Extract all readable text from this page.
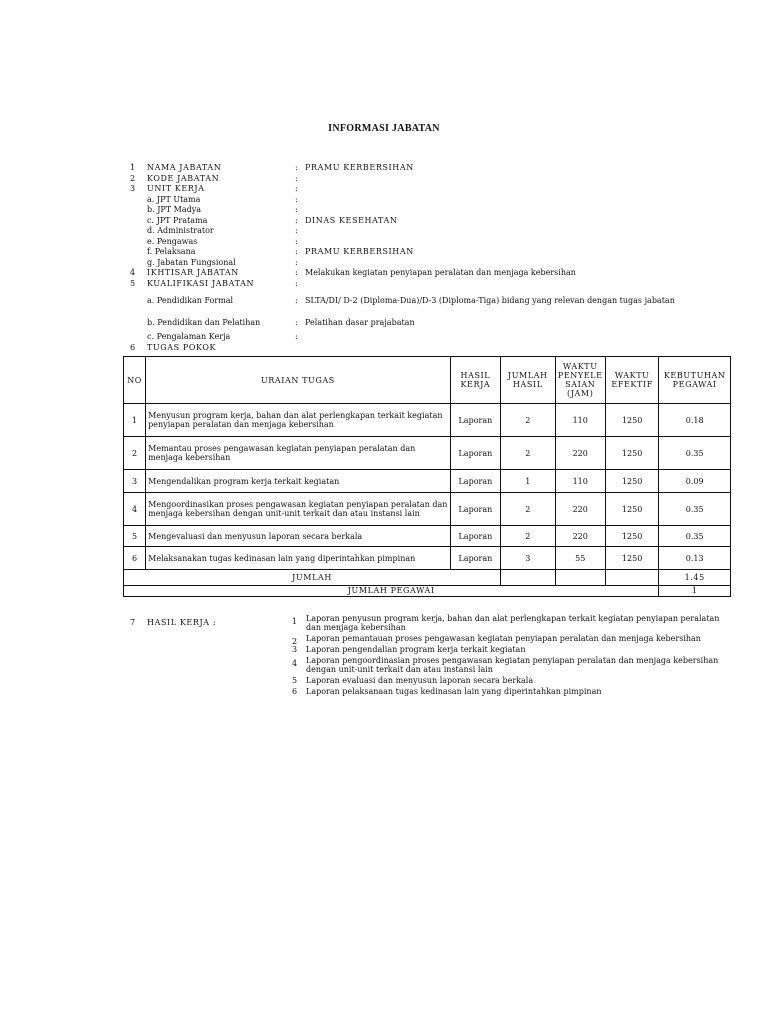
INFORMASI JABATAN
1	NAMA JABATAN	: PRAMU KERBERSIHAN
2	KODE JABATAN	:
3	UNIT KERJA	:
a. JPT Utama	:
b. JPT Madya	:
c. JPT Pratama	: DINAS KESEHATAN
d. Administrator	:
e. Pengawas	:
f. Pelaksana	: PRAMU KERBERSIHAN
g. Jabatan Fungsional	:
4	IKHTISAR JABATAN	: Melakukan kegiatan penyiapan peralatan dan menjaga kebersihan
5	KUALIFIKASI JABATAN	:
a. Pendidikan Formal	: SLTA/DI/ D-2 (Diploma-Dua)/D-3 (Diploma-Tiga) bidang yang relevan dengan tugas jabatan
b. Pendidikan dan Pelatihan	: Pelatihan dasar prajabatan
c. Pengalaman Kerja	:
6	TUGAS POKOK
NO	URAIAN TUGAS	HASIL KERJA	JUMLAH HASIL	WAKTU PENYELE SAIAN (JAM)	WAKTU EFEKTIF	KEBUTUHAN PEGAWAI
1	Menyusun program kerja, bahan dan alat perlengkapan terkait kegiatan penyiapan peralatan dan menjaga kebersihan	Laporan	2	110	1250	0.18
2	Memantau proses pengawasan kegiatan penyiapan peralatan dan menjaga kebersihan	Laporan	2	220	1250	0.35
3	Mengendalikan program kerja terkait kegiatan	Laporan	1	110	1250	0.09
4	Mengoordinasikan proses pengawasan kegiatan penyiapan peralatan dan menjaga kebersihan dengan unit-unit terkait dan atau instansi lain	Laporan	2	220	1250	0.35
5	Mengevaluasi dan menyusun laporan secara berkala	Laporan	2	220	1250	0.35
6	Melaksanakan tugas kedinasan lain yang diperintahkan pimpinan	Laporan	3	55	1250	0.13
JUMLAH						1.45
JUMLAH PEGAWAI						1
7 HASIL KERJA :	1	Laporan penyusun program kerja, bahan dan alat perlengkapan terkait kegiatan penyiapan peralatan dan menjaga kebersihan
2	Laporan pemantauan proses pengawasan kegiatan penyiapan peralatan dan menjaga kebersihan
3	Laporan pengendalian program kerja terkait kegiatan
4	Laporan pengoordinasian proses pengawasan kegiatan penyiapan peralatan dan menjaga kebersihan dengan unit-unit terkait dan atau instansi lain
5	Laporan evaluasi dan menyusun laporan secara berkala
6	Laporan pelaksanaan tugas kedinasan lain yang diperintahkan pimpinan
